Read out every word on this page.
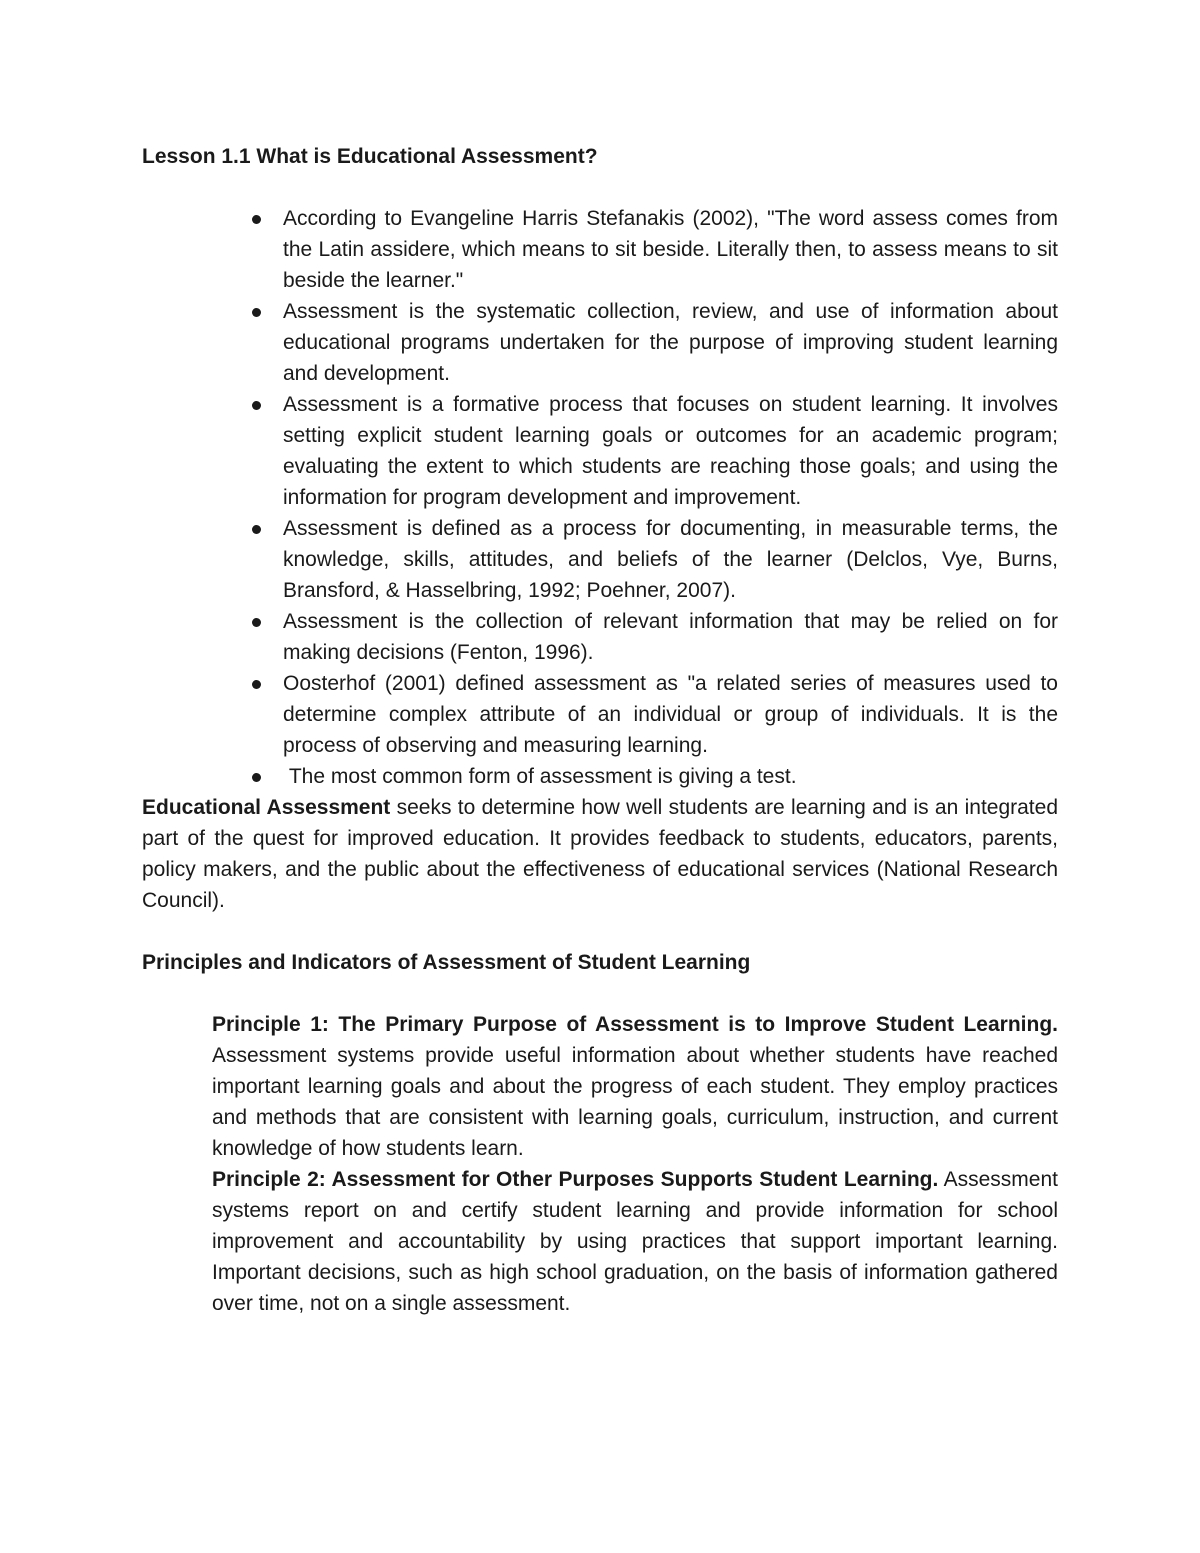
Lesson 1.1 What is Educational Assessment?
According to Evangeline Harris Stefanakis (2002), "The word assess comes from the Latin assidere, which means to sit beside. Literally then, to assess means to sit beside the learner."
Assessment is the systematic collection, review, and use of information about educational programs undertaken for the purpose of improving student learning and development.
Assessment is a formative process that focuses on student learning. It involves setting explicit student learning goals or outcomes for an academic program; evaluating the extent to which students are reaching those goals; and using the information for program development and improvement.
Assessment is defined as a process for documenting, in measurable terms, the knowledge, skills, attitudes, and beliefs of the learner (Delclos, Vye, Burns, Bransford, & Hasselbring, 1992; Poehner, 2007).
Assessment is the collection of relevant information that may be relied on for making decisions (Fenton, 1996).
Oosterhof (2001) defined assessment as "a related series of measures used to determine complex attribute of an individual or group of individuals. It is the process of observing and measuring learning.
The most common form of assessment is giving a test.

Educational Assessment seeks to determine how well students are learning and is an integrated part of the quest for improved education. It provides feedback to students, educators, parents, policy makers, and the public about the effectiveness of educational services (National Research Council).

Principles and Indicators of Assessment of Student Learning

Principle 1: The Primary Purpose of Assessment is to Improve Student Learning. Assessment systems provide useful information about whether students have reached important learning goals and about the progress of each student. They employ practices and methods that are consistent with learning goals, curriculum, instruction, and current knowledge of how students learn.

Principle 2: Assessment for Other Purposes Supports Student Learning. Assessment systems report on and certify student learning and provide information for school improvement and accountability by using practices that support important learning. Important decisions, such as high school graduation, on the basis of information gathered over time, not on a single assessment.
